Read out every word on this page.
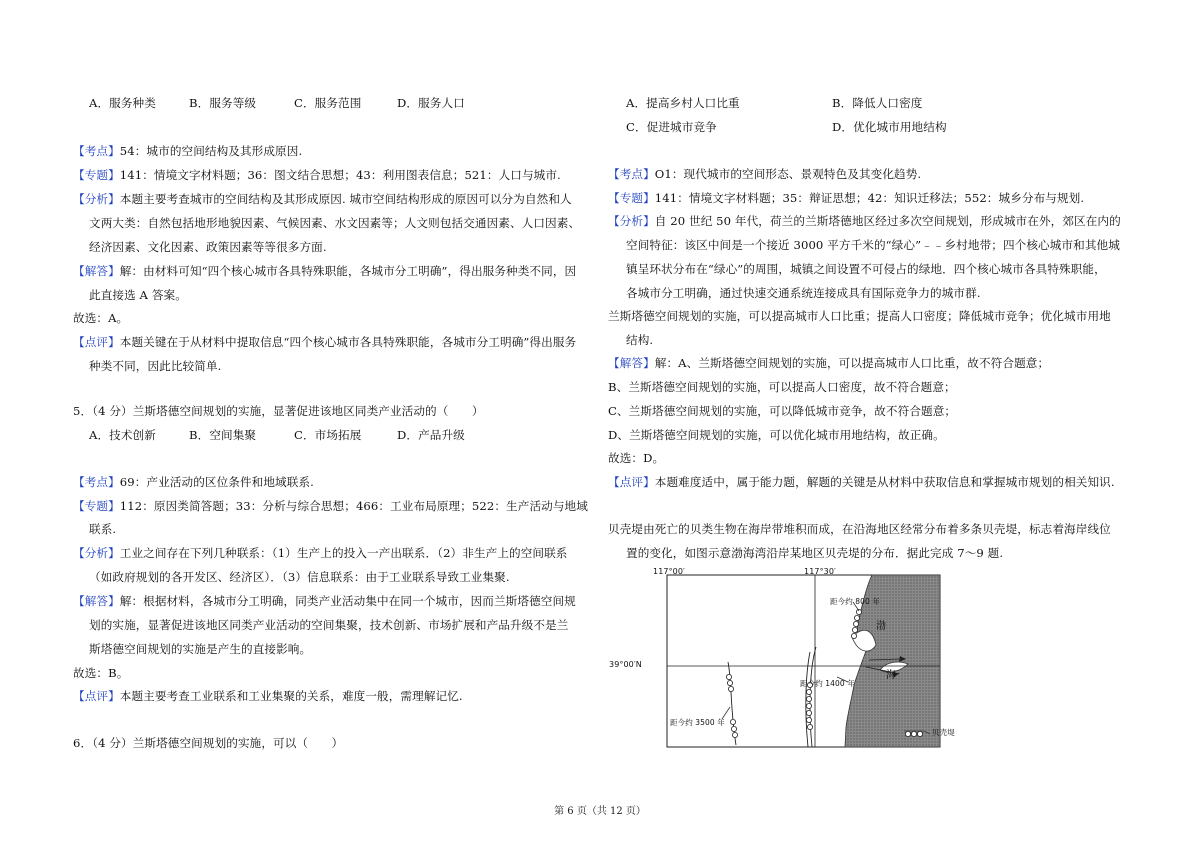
A．服务种类	B．服务等级	C．服务范围	D．服务人口
【考点】54：城市的空间结构及其形成原因.
【专题】141：情境文字材料题；36：图文结合思想；43：利用图表信息；521：人口与城市.
【分析】本题主要考查城市的空间结构及其形成原因. 城市空间结构形成的原因可以分为自然和人
文两大类：自然包括地形地貌因素、气候因素、水文因素等；人文则包括交通因素、人口因素、
经济因素、文化因素、政策因素等等很多方面.
【解答】解：由材料可知“四个核心城市各具特殊职能，各城市分工明确”，得出服务种类不同，因
此直接选 A 答案。
故选：A。
【点评】本题关键在于从材料中提取信息“四个核心城市各具特殊职能，各城市分工明确”得出服务
种类不同，因此比较简单.
5．（4 分）兰斯塔德空间规划的实施，显著促进该地区同类产业活动的（　　）
A．技术创新	B．空间集聚	C．市场拓展	D．产品升级
【考点】69：产业活动的区位条件和地域联系.
【专题】112：原因类简答题；33：分析与综合思想；466：工业布局原理；522：生产活动与地域
联系.
【分析】工业之间存在下列几种联系：（1）生产上的投入一产出联系．（2）非生产上的空间联系
（如政府规划的各开发区、经济区）．（3）信息联系：由于工业联系导致工业集聚.
【解答】解：根据材料，各城市分工明确，同类产业活动集中在同一个城市，因而兰斯塔德空间规
划的实施，显著促进该地区同类产业活动的空间集聚，技术创新、市场扩展和产品升级不是兰
斯塔德空间规划的实施是产生的直接影响。
故选：B。
【点评】本题主要考查工业联系和工业集聚的关系，难度一般，需理解记忆.
6．（4 分）兰斯塔德空间规划的实施，可以（　　）
A．提高乡村人口比重	B．降低人口密度
C．促进城市竞争	D．优化城市用地结构
【考点】O1：现代城市的空间形态、景观特色及其变化趋势.
【专题】141：情境文字材料题；35：辩证思想；42：知识迁移法；552：城乡分布与规划.
【分析】自 20 世纪 50 年代，荷兰的兰斯塔德地区经过多次空间规划，形成城市在外，郊区在内的
空间特征：该区中间是一个接近 3000 平方千米的“绿心”﹣﹣乡村地带；四个核心城市和其他城
镇呈环状分布在“绿心”的周围，城镇之间设置不可侵占的绿地．四个核心城市各具特殊职能，
各城市分工明确，通过快速交通系统连接成具有国际竞争力的城市群.
兰斯塔德空间规划的实施，可以提高城市人口比重；提高人口密度；降低城市竞争；优化城市用地
结构.
【解答】解：A、兰斯塔德空间规划的实施，可以提高城市人口比重，故不符合题意；
B、兰斯塔德空间规划的实施，可以提高人口密度，故不符合题意；
C、兰斯塔德空间规划的实施，可以降低城市竞争，故不符合题意；
D、兰斯塔德空间规划的实施，可以优化城市用地结构，故正确。
故选：D。
【点评】本题难度适中，属于能力题，解题的关键是从材料中获取信息和掌握城市规划的相关知识.
贝壳堤由死亡的贝类生物在海岸带堆积而成，在沿海地区经常分布着多条贝壳堤，标志着海岸线位
置的变化，如图示意渤海湾沿岸某地区贝壳堤的分布．据此完成 7～9 题.
117°00′	117°30′
39°00′N
距今约 800 年
距今约 1400 年
距今约 3500 年
渤
海
贝壳堤
第 6 页（共 12 页）
